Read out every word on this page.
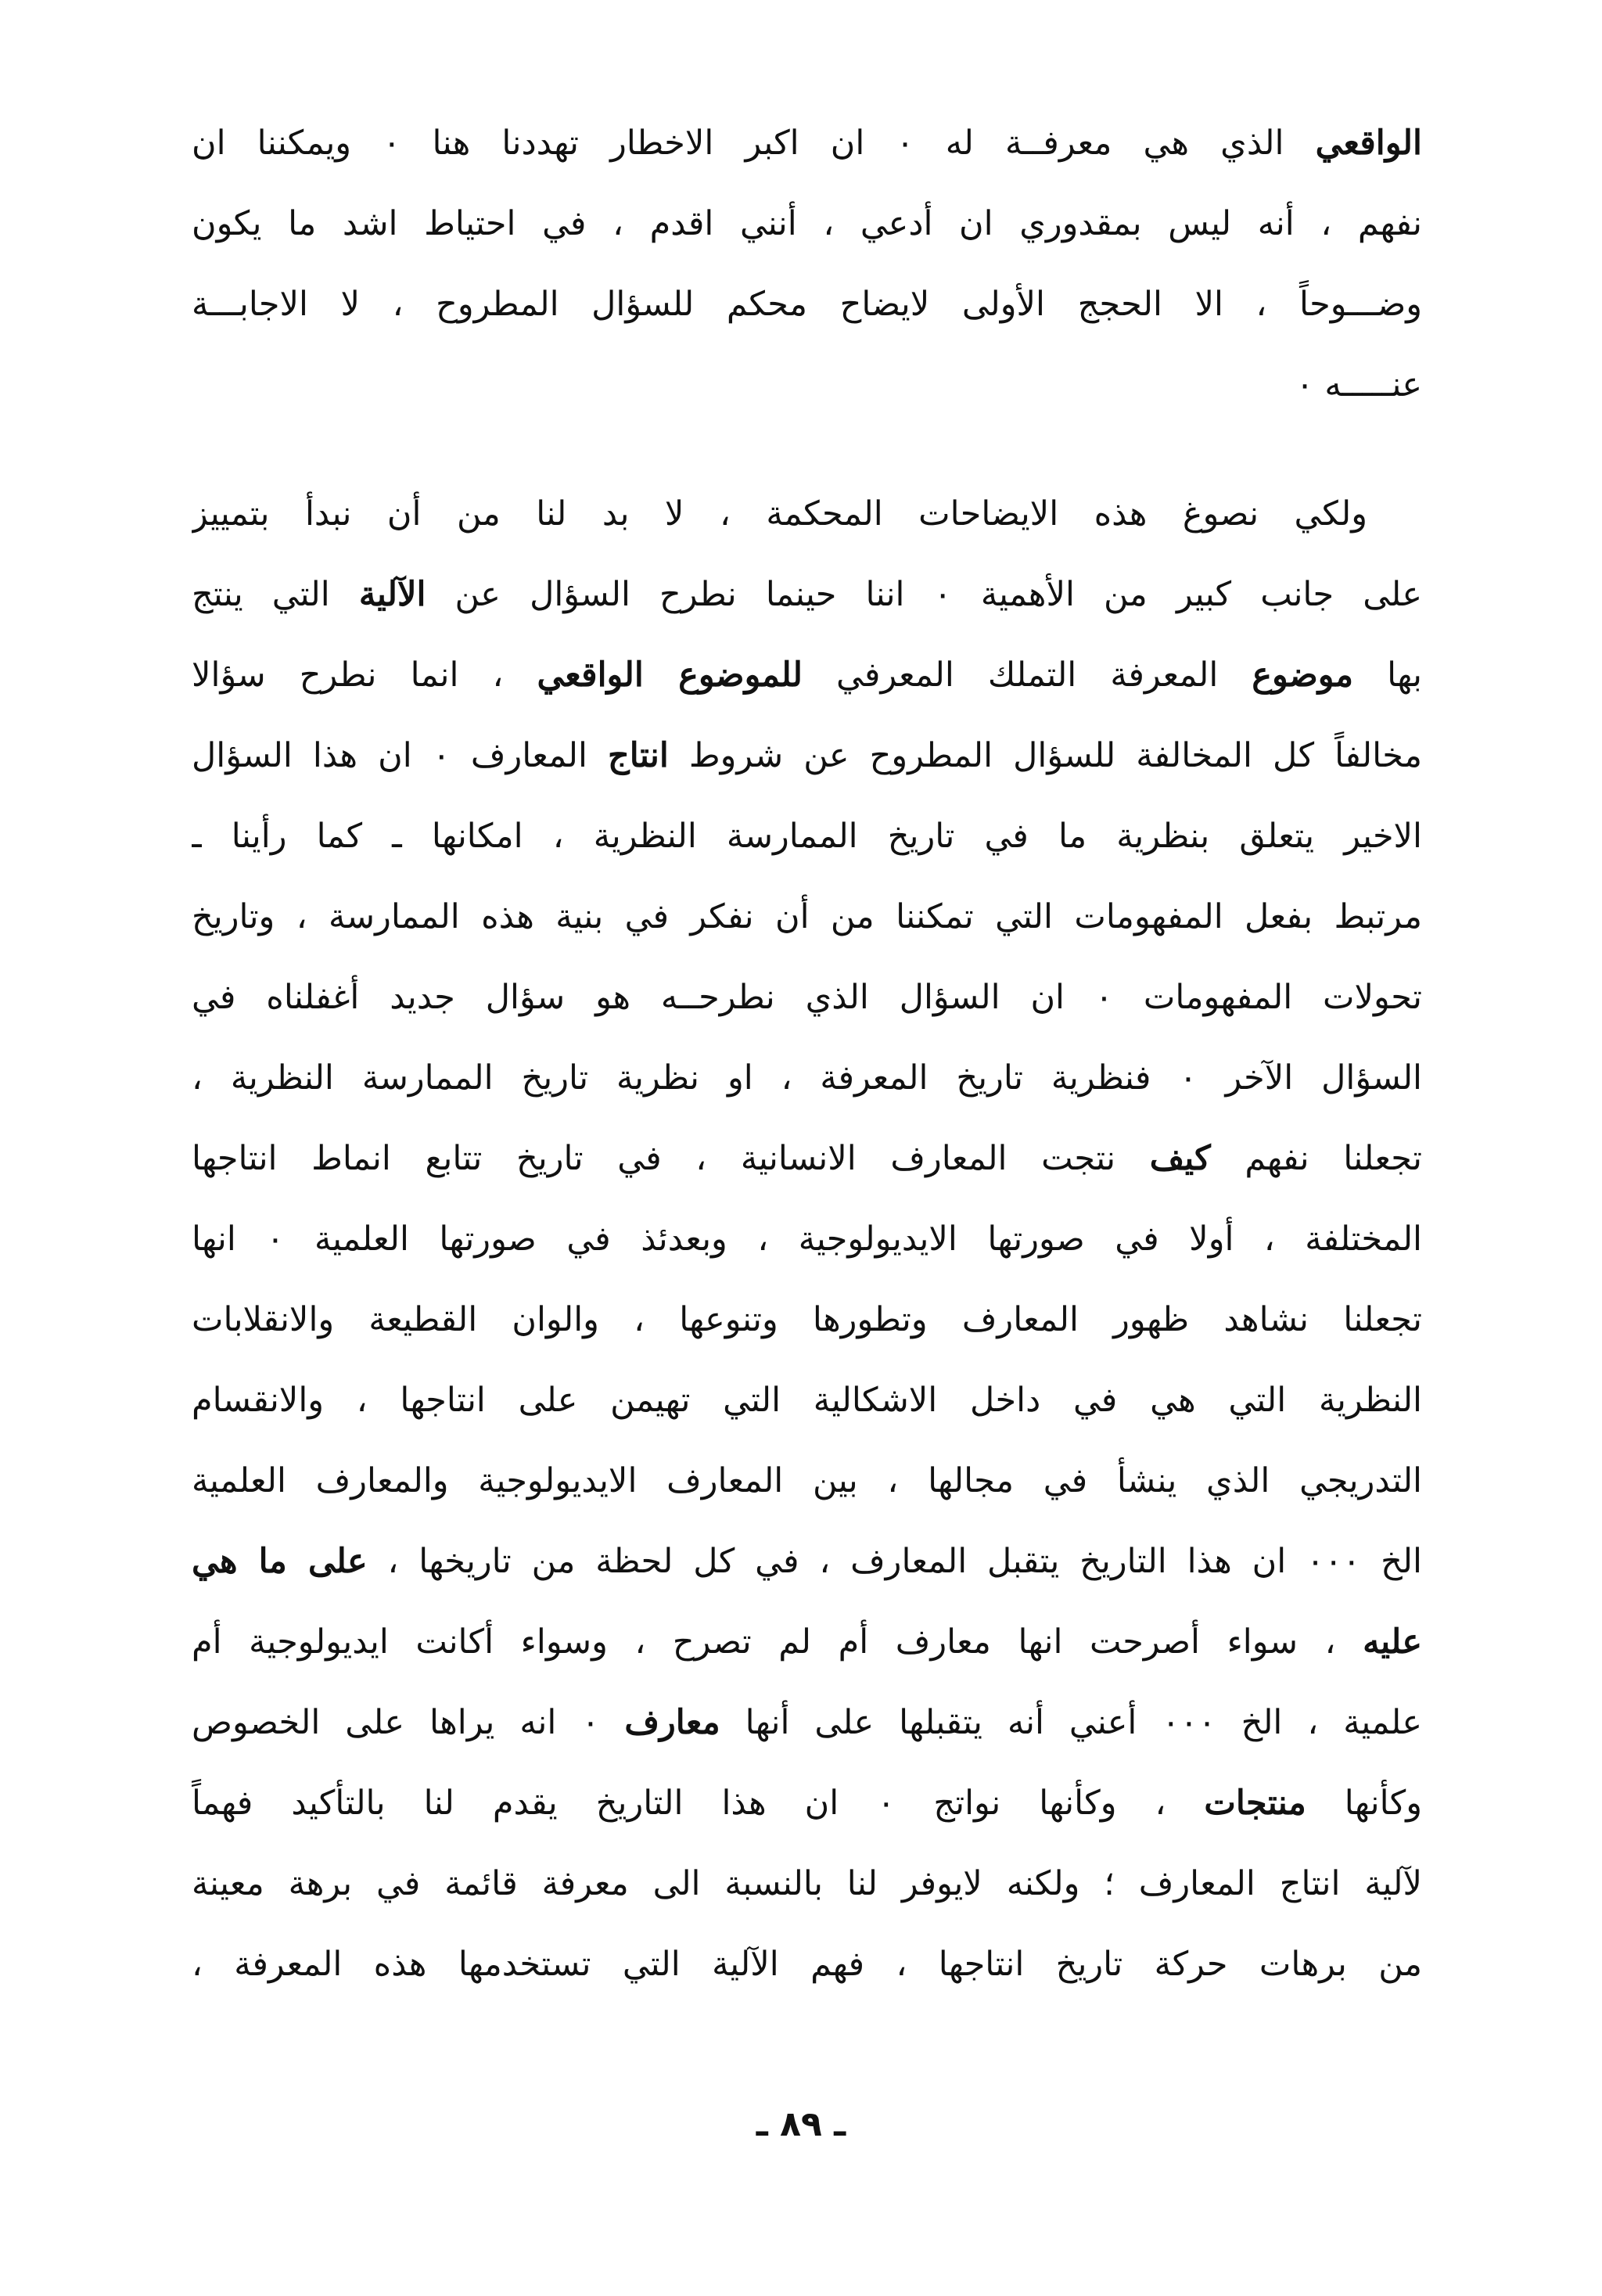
الواقعي الذي هي معرفــة له ٠ ان اكبر الاخطار تهددنا هنا ٠ ويمكننا ان
نفهم ، أنه ليس بمقدوري ان أدعي ، أنني اقدم ، في احتياط اشد ما يكون
وضـــوحاً ، الا الحجج الأولى لايضاح محكم للسؤال المطروح ، لا الاجابـــة
عنـــــه ٠
ولكي نصوغ هذه الايضاحات المحكمة ، لا بد لنا من أن نبدأ بتمييز
على جانب كبير من الأهمية ٠ اننا حينما نطرح السؤال عن الآلية التي ينتج
بها موضوع المعرفة التملك المعرفي للموضوع الواقعي ، انما نطرح سؤالا
مخالفاً كل المخالفة للسؤال المطروح عن شروط انتاج المعارف ٠ ان هذا السؤال
الاخير يتعلق بنظرية ما في تاريخ الممارسة النظرية ، امكانها ـ كما رأينا ـ
مرتبط بفعل المفهومات التي تمكننا من أن نفكر في بنية هذه الممارسة ، وتاريخ
تحولات المفهومات ٠ ان السؤال الذي نطرحــه هو سؤال جديد أغفلناه في
السؤال الآخر ٠ فنظرية تاريخ المعرفة ، او نظرية تاريخ الممارسة النظرية ،
تجعلنا نفهم كيف نتجت المعارف الانسانية ، في تاريخ تتابع انماط انتاجها
المختلفة ، أولا في صورتها الايديولوجية ، وبعدئذ في صورتها العلمية ٠ انها
تجعلنا نشاهد ظهور المعارف وتطورها وتنوعها ، والوان القطيعة والانقلابات
النظرية التي هي في داخل الاشكالية التي تهيمن على انتاجها ، والانقسام
التدريجي الذي ينشأ في مجالها ، بين المعارف الايديولوجية والمعارف العلمية
الخ ٠٠٠ ان هذا التاريخ يتقبل المعارف ، في كل لحظة من تاريخها ، على ما هي
عليه ، سواء أصرحت انها معارف أم لم تصرح ، وسواء أكانت ايديولوجية أم
علمية ، الخ ٠٠٠ أعني أنه يتقبلها على أنها معارف ٠ انه يراها على الخصوص
وكأنها منتجات ، وكأنها نواتج ٠ ان هذا التاريخ يقدم لنا بالتأكيد فهماً
لآلية انتاج المعارف ؛ ولكنه لايوفر لنا بالنسبة الى معرفة قائمة في برهة معينة
من برهات حركة تاريخ انتاجها ، فهم الآلية التي تستخدمها هذه المعرفة ،
ـ ٨٩ ـ
